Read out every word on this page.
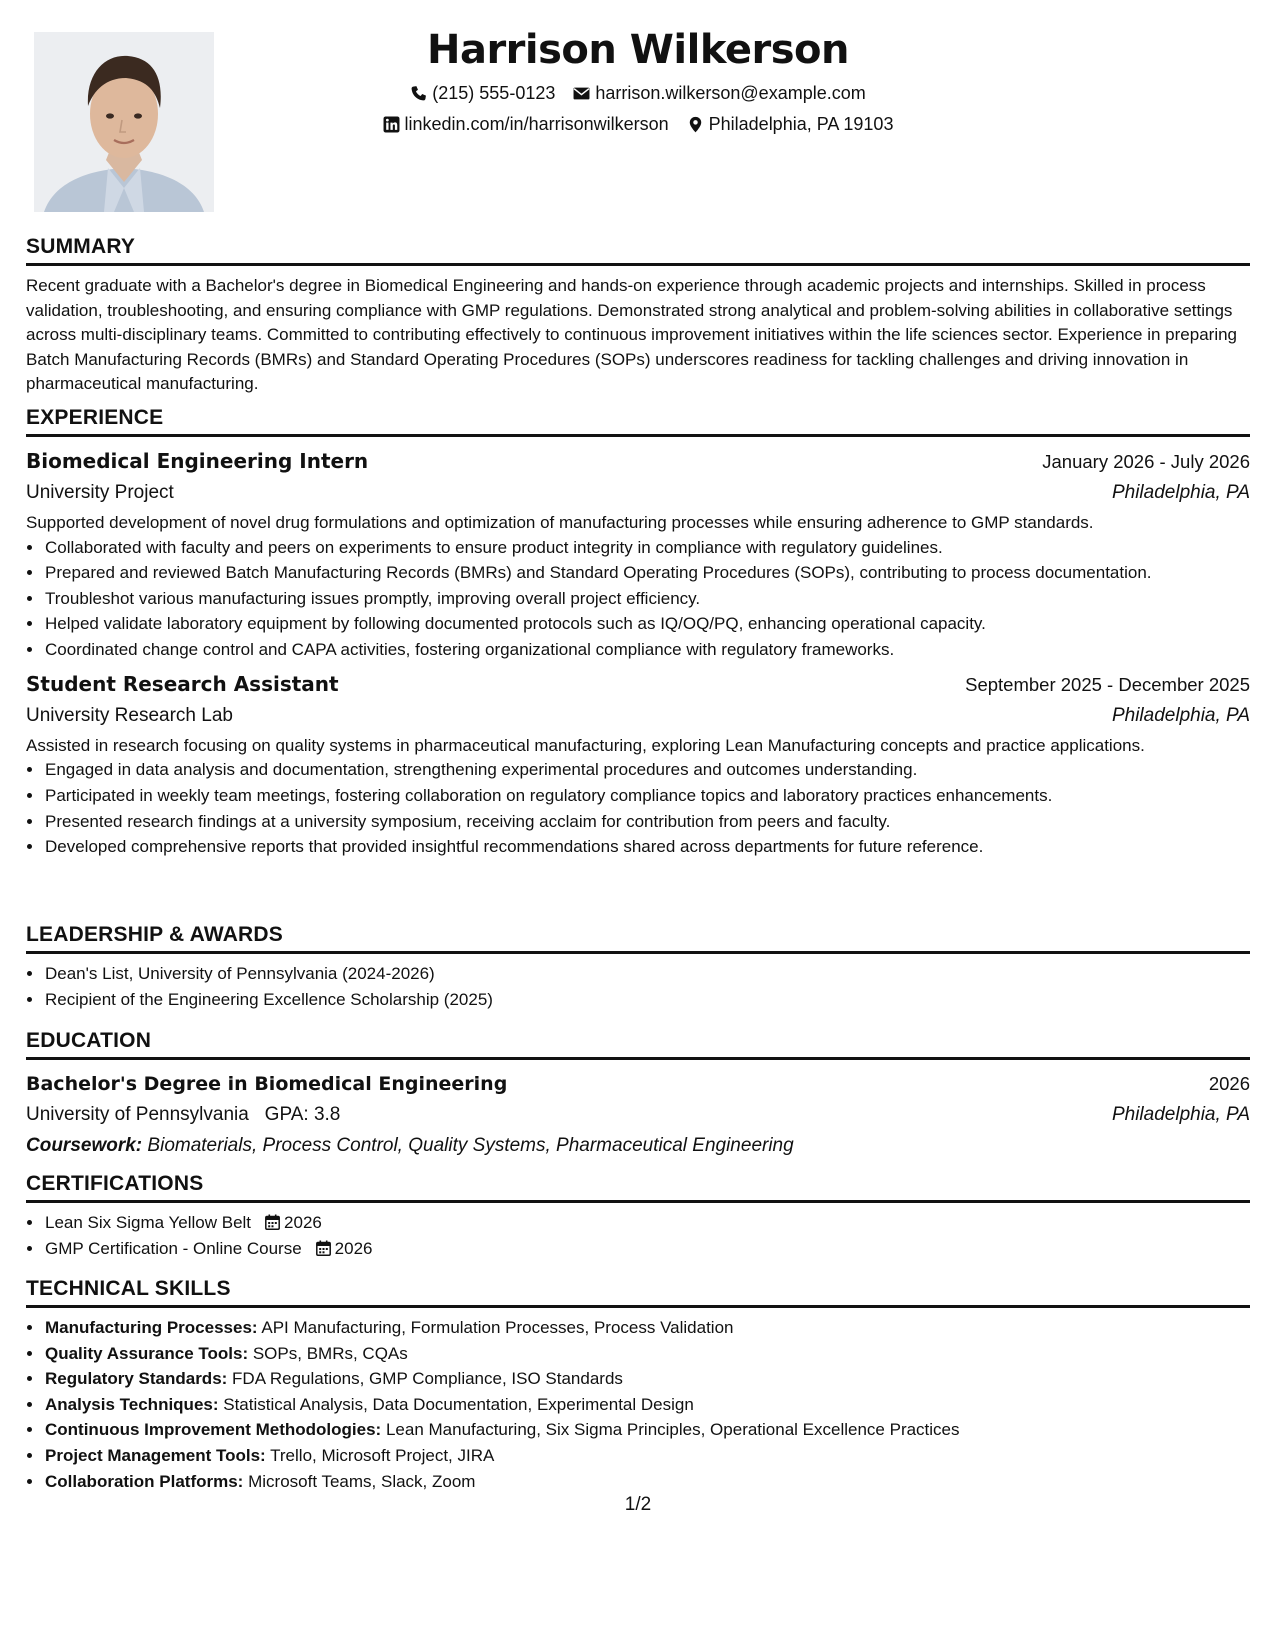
Harrison Wilkerson
(215) 555-0123 harrison.wilkerson@example.com
linkedin.com/in/harrisonwilkerson Philadelphia, PA 19103
SUMMARY

Recent graduate with a Bachelor's degree in Biomedical Engineering and hands-on experience through academic projects and internships. Skilled in process validation, troubleshooting, and ensuring compliance with GMP regulations. Demonstrated strong analytical and problem-solving abilities in collaborative settings across multi-disciplinary teams. Committed to contributing effectively to continuous improvement initiatives within the life sciences sector. Experience in preparing Batch Manufacturing Records (BMRs) and Standard Operating Procedures (SOPs) underscores readiness for tackling challenges and driving innovation in pharmaceutical manufacturing.

EXPERIENCE
Biomedical Engineering Intern	January 2026 - July 2026
University Project	Philadelphia, PA

Supported development of novel drug formulations and optimization of manufacturing processes while ensuring adherence to GMP standards.

• Collaborated with faculty and peers on experiments to ensure product integrity in compliance with regulatory guidelines.
• Prepared and reviewed Batch Manufacturing Records (BMRs) and Standard Operating Procedures (SOPs), contributing to process documentation.
• Troubleshot various manufacturing issues promptly, improving overall project efficiency.
• Helped validate laboratory equipment by following documented protocols such as IQ/OQ/PQ, enhancing operational capacity.
• Coordinated change control and CAPA activities, fostering organizational compliance with regulatory frameworks.
Student Research Assistant	September 2025 - December 2025
University Research Lab	Philadelphia, PA

Assisted in research focusing on quality systems in pharmaceutical manufacturing, exploring Lean Manufacturing concepts and practice applications.

• Engaged in data analysis and documentation, strengthening experimental procedures and outcomes understanding.
• Participated in weekly team meetings, fostering collaboration on regulatory compliance topics and laboratory practices enhancements.
• Presented research findings at a university symposium, receiving acclaim for contribution from peers and faculty.
• Developed comprehensive reports that provided insightful recommendations shared across departments for future reference.
LEADERSHIP & AWARDS
• Dean's List, University of Pennsylvania (2024-2026)
• Recipient of the Engineering Excellence Scholarship (2025)
EDUCATION
Bachelor's Degree in Biomedical Engineering	2026
University of Pennsylvania GPA: 3.8	Philadelphia, PA
Coursework: Biomaterials, Process Control, Quality Systems, Pharmaceutical Engineering
CERTIFICATIONS
• Lean Six Sigma Yellow Belt 2026
• GMP Certification - Online Course 2026
TECHNICAL SKILLS
• Manufacturing Processes: API Manufacturing, Formulation Processes, Process Validation
• Quality Assurance Tools: SOPs, BMRs, CQAs
• Regulatory Standards: FDA Regulations, GMP Compliance, ISO Standards
• Analysis Techniques: Statistical Analysis, Data Documentation, Experimental Design
• Continuous Improvement Methodologies: Lean Manufacturing, Six Sigma Principles, Operational Excellence Practices
• Project Management Tools: Trello, Microsoft Project, JIRA
• Collaboration Platforms: Microsoft Teams, Slack, Zoom
1/2
